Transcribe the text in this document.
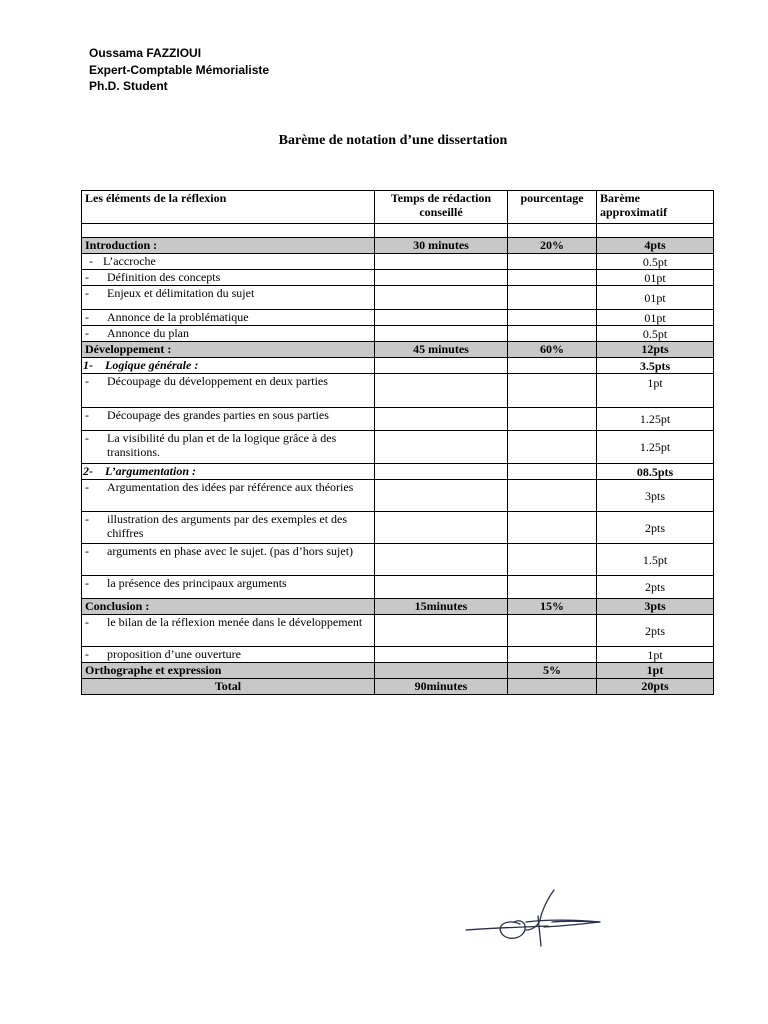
Oussama FAZZIOUI
Expert-Comptable Mémorialiste
Ph.D. Student
Barème de notation d’une dissertation
Les éléments de la réflexion	Temps de rédaction conseillé	pourcentage	Barème approximatif

Introduction :	30 minutes	20%	4pts

- L’accroche			0.5pt

- Définition des concepts			01pt

- Enjeux et délimitation du sujet			01pt

- Annonce de la problématique			01pt

- Annonce du plan			0.5pt
Développement :	45 minutes	60%	12pts

1- Logique générale :			3.5pts

- Découpage du développement en deux parties			1pt

- Découpage des grandes parties en sous parties			1.25pt

- La visibilité du plan et de la logique grâce à des transitions.			1.25pt

2- L’argumentation :			08.5pts

- Argumentation des idées par référence aux théories			3pts

- illustration des arguments par des exemples et des chiffres			2pts

- arguments en phase avec le sujet. (pas d’hors sujet)			1.5pt

- la présence des principaux arguments			2pts
Conclusion :	15minutes	15%	3pts

- le bilan de la réflexion menée dans le développement			2pts

- proposition d’une ouverture			1pt
Orthographe et expression		5%	1pt
Total	90minutes		20pts
